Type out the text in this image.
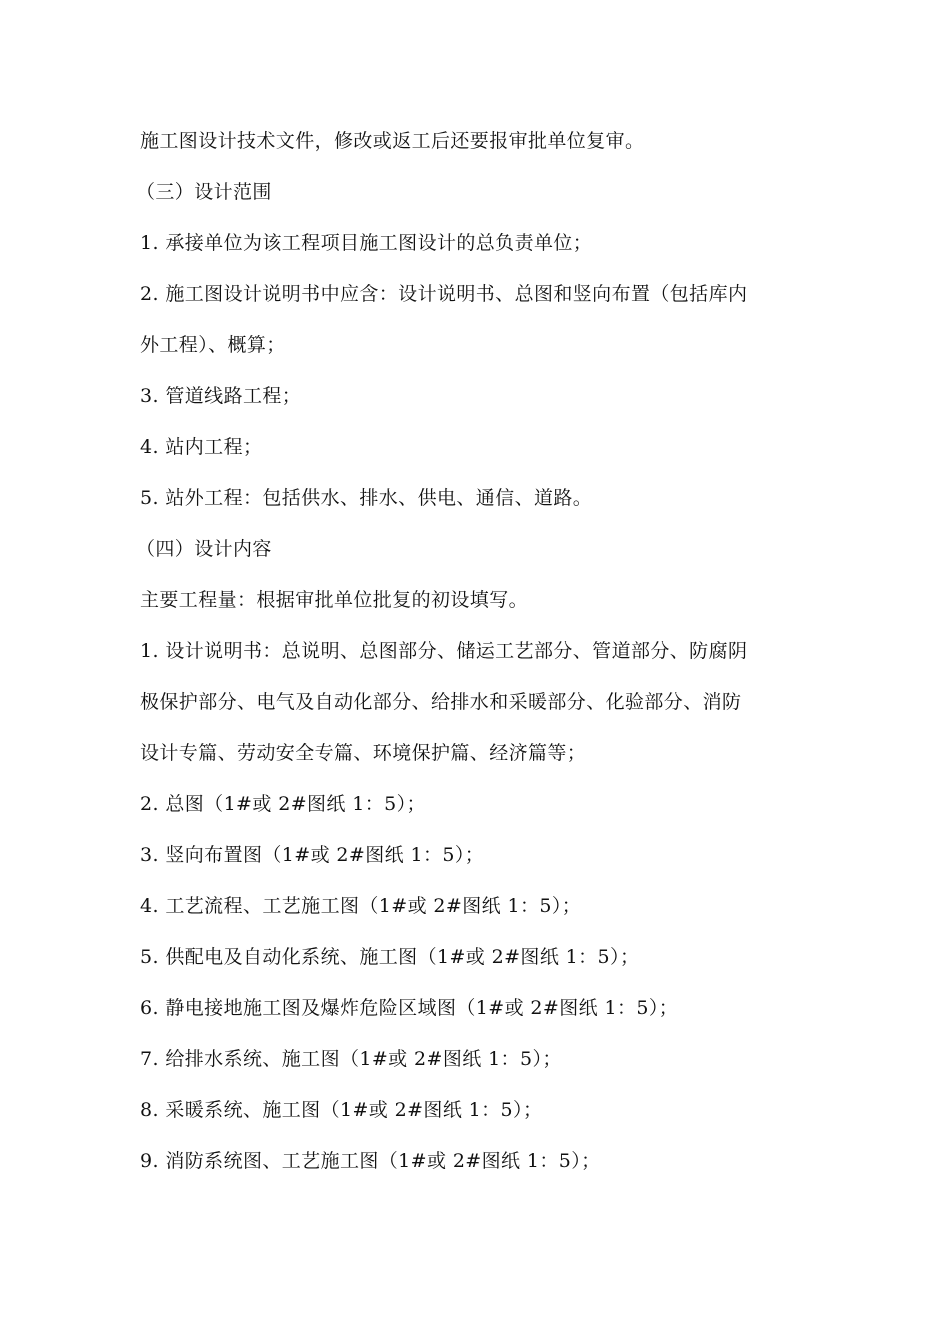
施工图设计技术文件，修改或返工后还要报审批单位复审。
（三）设计范围
1. 承接单位为该工程项目施工图设计的总负责单位；
2. 施工图设计说明书中应含：设计说明书、总图和竖向布置（包括库内
外工程）、概算；
3. 管道线路工程；
4. 站内工程；
5. 站外工程：包括供水、排水、供电、通信、道路。
（四）设计内容
主要工程量：根据审批单位批复的初设填写。
1. 设计说明书：总说明、总图部分、储运工艺部分、管道部分、防腐阴
极保护部分、电气及自动化部分、给排水和采暖部分、化验部分、消防
设计专篇、劳动安全专篇、环境保护篇、经济篇等；
2. 总图（1#或 2#图纸 1：5）；
3. 竖向布置图（1#或 2#图纸 1：5）；
4. 工艺流程、工艺施工图（1#或 2#图纸 1：5）；
5. 供配电及自动化系统、施工图（1#或 2#图纸 1：5）；
6. 静电接地施工图及爆炸危险区域图（1#或 2#图纸 1：5）；
7. 给排水系统、施工图（1#或 2#图纸 1：5）；
8. 采暖系统、施工图（1#或 2#图纸 1：5）；
9. 消防系统图、工艺施工图（1#或 2#图纸 1：5）；
